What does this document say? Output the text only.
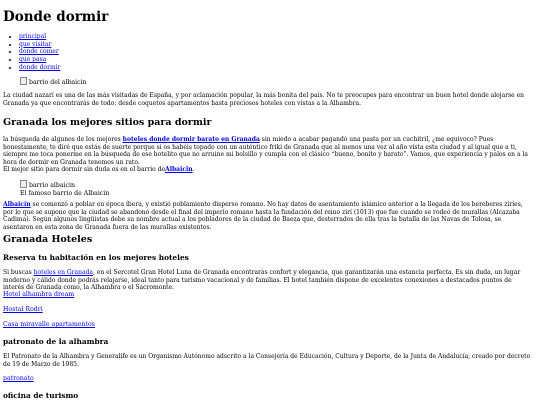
Donde dormir
• principal
• que visitar
• donde comer
• que pasa
• donde dormir
barrio del albaicin

La ciudad nazarí es una de las más visitadas de España, y por aclamación popular, la más bonita del país. No te preocupes para encontrar un buen hotel donde alojarse en Granada ya que encontrarás de todo: desde coquetos apartamentos hasta preciosos hoteles con vistas a la Alhambra.

Granada los mejores sitios para dormir

la búsqueda de algunos de los mejores hoteles donde dormir barato en Granada sin miedo a acabar pagando una pasta por un cuchitril, ¿me equivoco? Pues honestamente, te diré que estás de suerte porque si os habéis topado con un auténtico friki de Granada que al menos una vez al año vista esta ciudad y al igual que a ti, siempre me toca ponerme en la búsqueda de ese hotelito que no arruine mi bolsillo y cumpla con el clásico “bueno, bonito y barato”. Vamos, que experiencia y palos en a la hora de dormir en Granada tenemos un rato.

El mejor sitio para dormir sin duda es en el barrio deAlbaicin.

barrio albaicin
El famoso barrio de Albaicin

Albaicín se comenzó a poblar en época íbera, y existió poblamiento disperso romano. No hay datos de asentamiento islámico anterior a la llegada de los bereberes ziríes, por lo que se supone que la ciudad se abandonó desde el final del imperio romano hasta la fundación del reino zirí (1013) que fue cuando se rodeó de murallas (Alcazaba Cadima). Según algunos lingüistas debe su nombre actual a los pobladores de la ciudad de Baeza que, desterrados de ella tras la batalla de las Navas de Tolosa, se asentaron en esta zona de Granada fuera de las murallas existentes.

Granada Hoteles
Reserva tu habitación en los mejores hoteles

Si buscas hoteles en Granada, en el Sercotel Gran Hotel Luna de Granada encontrarás confort y elegancia, que garantizarán una estancia perfecta. Es sin duda, un lugar moderno y cálido donde podrás relajarse, ideal tanto para turismo vacacional y de familias. El hotel también dispone de excelentes conexiones a destacados puntos de interés de Granada como, la Alhambra o el Sacromonte.

Hotel alhambra dream
Hostal Rodri
Casa miravalle apartamentos
patronato de la alhambra

El Patronato de la Alhambra y Generalife es un Organismo Autónomo adscrito a la Consejería de Educación, Cultura y Deporte, de la Junta de Andalucía, creado por decreto de 19 de Marzo de 1985.

patronato
oficina de turismo
